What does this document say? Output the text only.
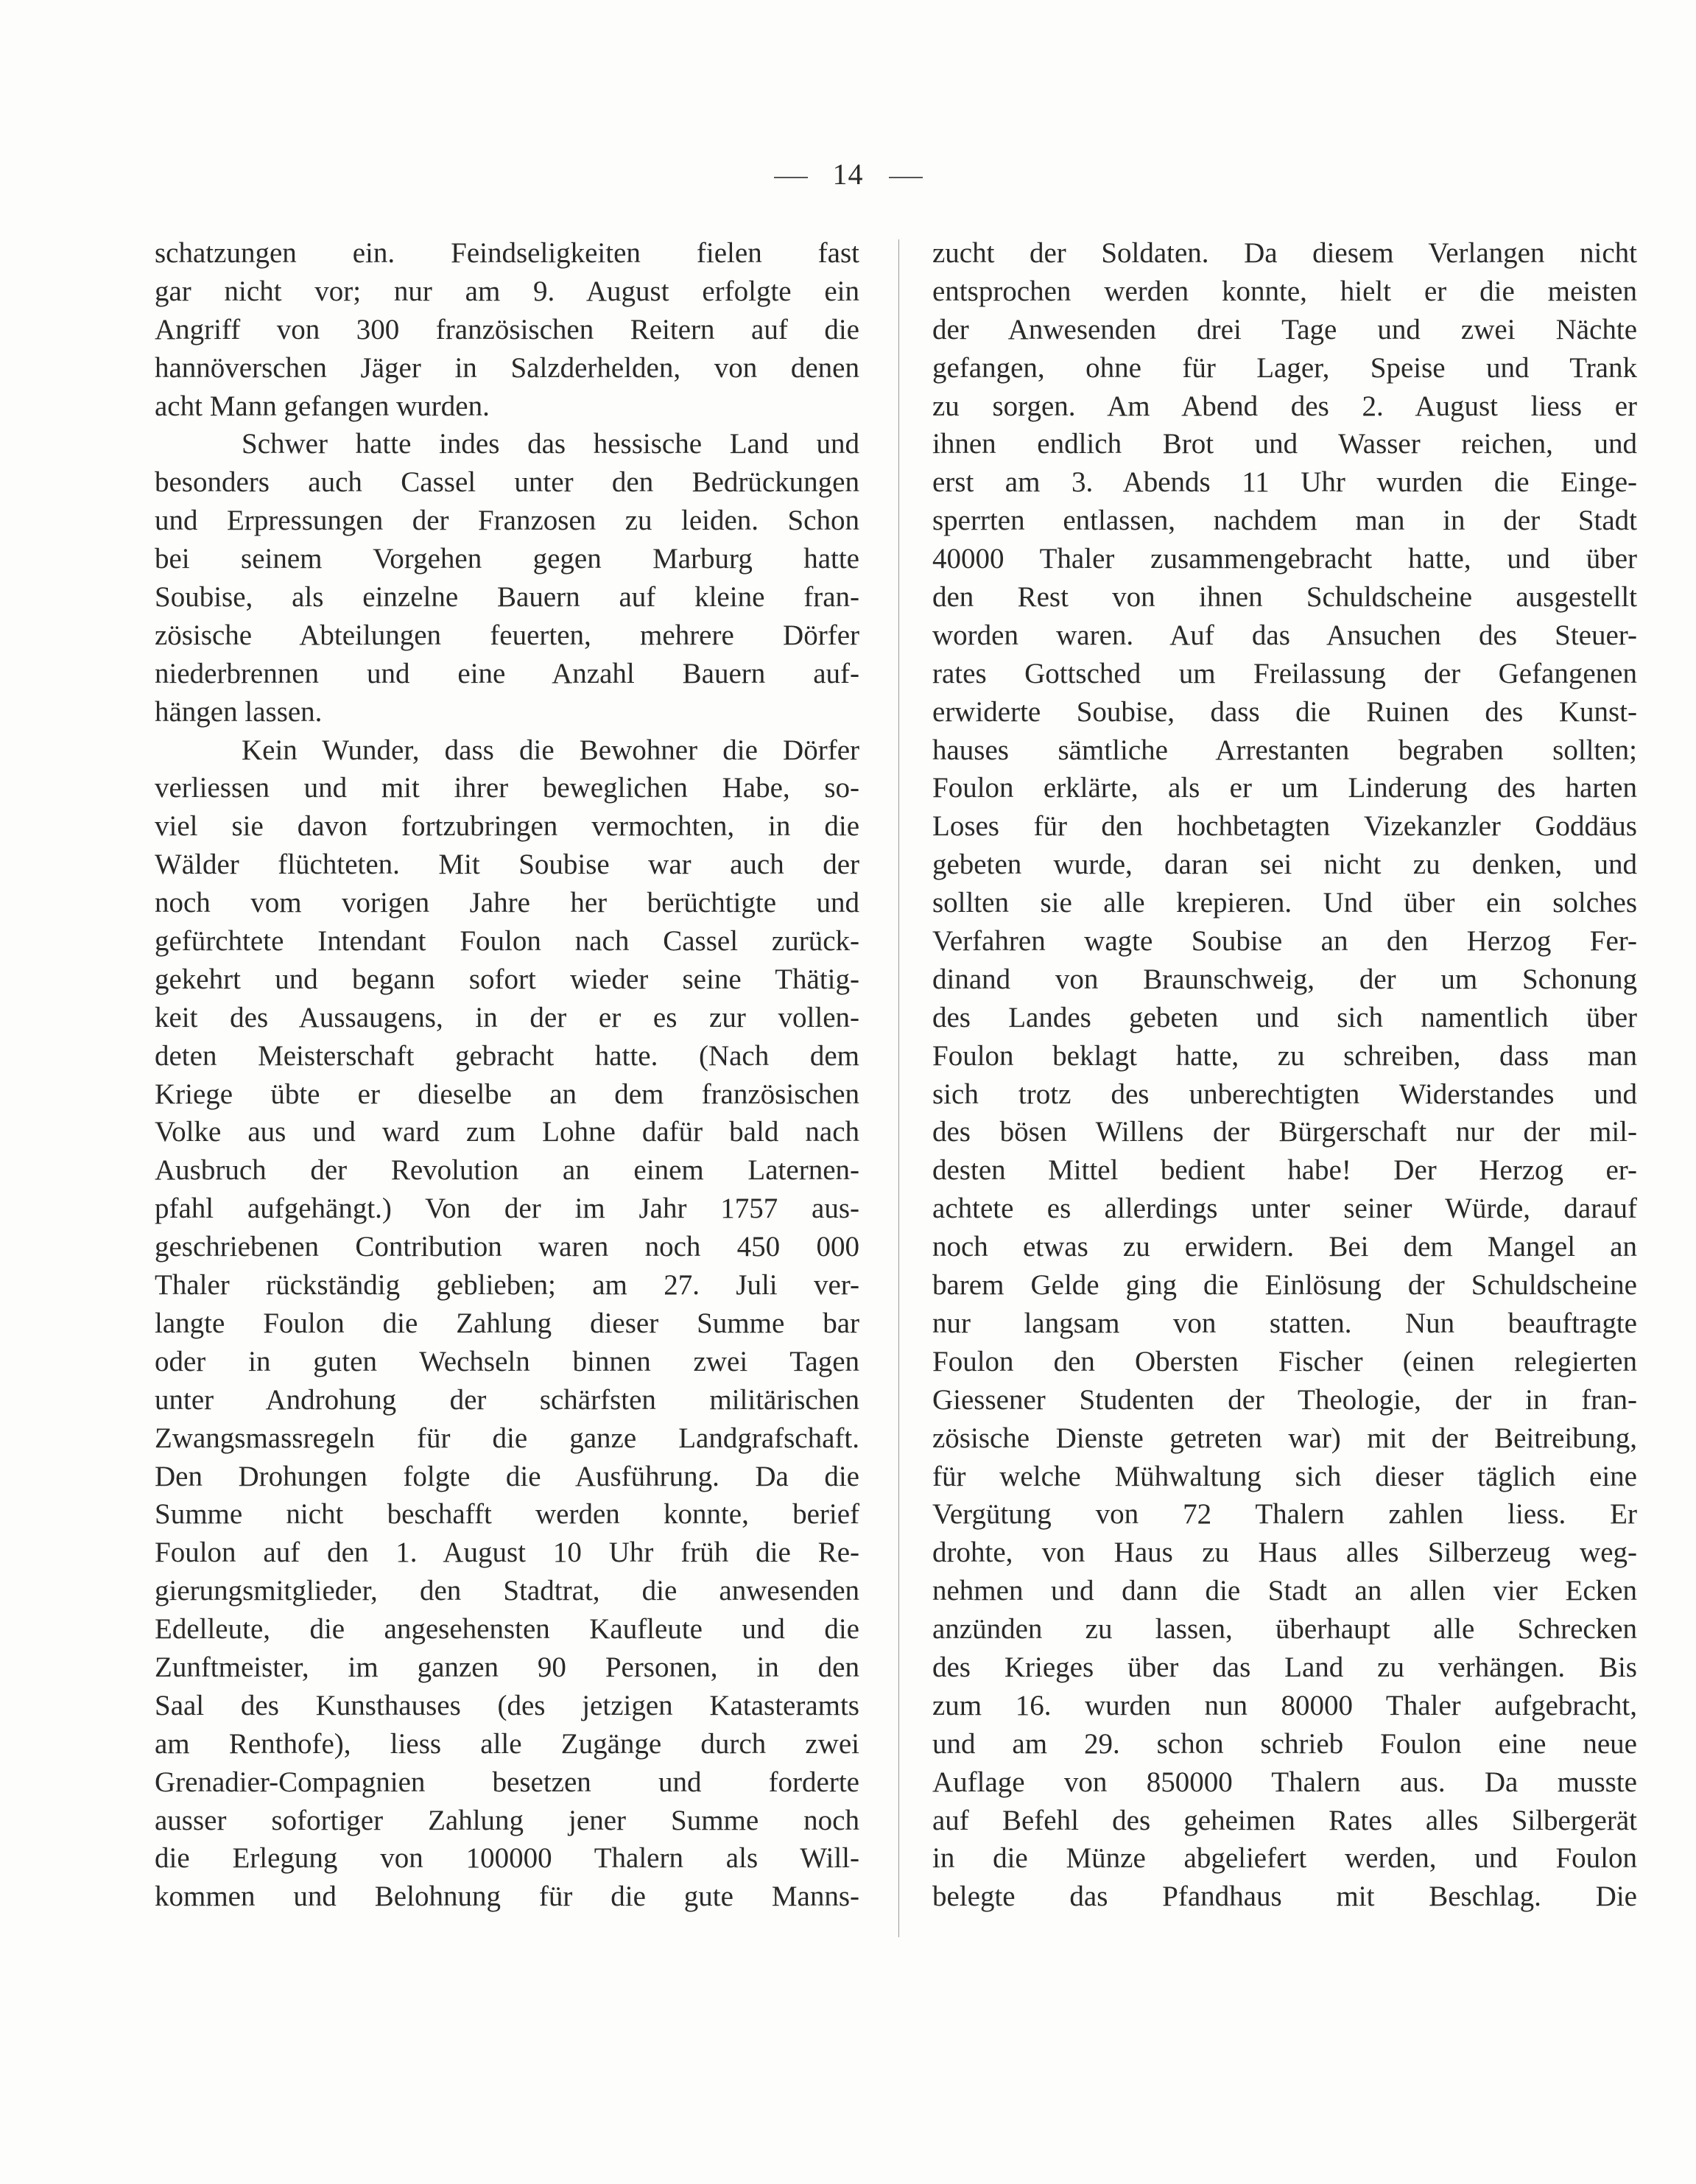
14
schatzungen ein. Feindseligkeiten fielen fast
gar nicht vor; nur am 9. August erfolgte ein
Angriff von 300 französischen Reitern auf die
hannöverschen Jäger in Salzderhelden, von denen
acht Mann gefangen wurden.
Schwer hatte indes das hessische Land und
besonders auch Cassel unter den Bedrückungen
und Erpressungen der Franzosen zu leiden. Schon
bei seinem Vorgehen gegen Marburg hatte
Soubise, als einzelne Bauern auf kleine fran-
zösische Abteilungen feuerten, mehrere Dörfer
niederbrennen und eine Anzahl Bauern auf-
hängen lassen.
Kein Wunder, dass die Bewohner die Dörfer
verliessen und mit ihrer beweglichen Habe, so-
viel sie davon fortzubringen vermochten, in die
Wälder flüchteten. Mit Soubise war auch der
noch vom vorigen Jahre her berüchtigte und
gefürchtete Intendant Foulon nach Cassel zurück-
gekehrt und begann sofort wieder seine Thätig-
keit des Aussaugens, in der er es zur vollen-
deten Meisterschaft gebracht hatte. (Nach dem
Kriege übte er dieselbe an dem französischen
Volke aus und ward zum Lohne dafür bald nach
Ausbruch der Revolution an einem Laternen-
pfahl aufgehängt.) Von der im Jahr 1757 aus-
geschriebenen Contribution waren noch 450 000
Thaler rückständig geblieben; am 27. Juli ver-
langte Foulon die Zahlung dieser Summe bar
oder in guten Wechseln binnen zwei Tagen
unter Androhung der schärfsten militärischen
Zwangsmassregeln für die ganze Landgrafschaft.
Den Drohungen folgte die Ausführung. Da die
Summe nicht beschafft werden konnte, berief
Foulon auf den 1. August 10 Uhr früh die Re-
gierungsmitglieder, den Stadtrat, die anwesenden
Edelleute, die angesehensten Kaufleute und die
Zunftmeister, im ganzen 90 Personen, in den
Saal des Kunsthauses (des jetzigen Katasteramts
am Renthofe), liess alle Zugänge durch zwei
Grenadier-Compagnien besetzen und forderte
ausser sofortiger Zahlung jener Summe noch
die Erlegung von 100000 Thalern als Will-
kommen und Belohnung für die gute Manns-
zucht der Soldaten. Da diesem Verlangen nicht
entsprochen werden konnte, hielt er die meisten
der Anwesenden drei Tage und zwei Nächte
gefangen, ohne für Lager, Speise und Trank
zu sorgen. Am Abend des 2. August liess er
ihnen endlich Brot und Wasser reichen, und
erst am 3. Abends 11 Uhr wurden die Einge-
sperrten entlassen, nachdem man in der Stadt
40000 Thaler zusammengebracht hatte, und über
den Rest von ihnen Schuldscheine ausgestellt
worden waren. Auf das Ansuchen des Steuer-
rates Gottsched um Freilassung der Gefangenen
erwiderte Soubise, dass die Ruinen des Kunst-
hauses sämtliche Arrestanten begraben sollten;
Foulon erklärte, als er um Linderung des harten
Loses für den hochbetagten Vizekanzler Goddäus
gebeten wurde, daran sei nicht zu denken, und
sollten sie alle krepieren. Und über ein solches
Verfahren wagte Soubise an den Herzog Fer-
dinand von Braunschweig, der um Schonung
des Landes gebeten und sich namentlich über
Foulon beklagt hatte, zu schreiben, dass man
sich trotz des unberechtigten Widerstandes und
des bösen Willens der Bürgerschaft nur der mil-
desten Mittel bedient habe! Der Herzog er-
achtete es allerdings unter seiner Würde, darauf
noch etwas zu erwidern. Bei dem Mangel an
barem Gelde ging die Einlösung der Schuldscheine
nur langsam von statten. Nun beauftragte
Foulon den Obersten Fischer (einen relegierten
Giessener Studenten der Theologie, der in fran-
zösische Dienste getreten war) mit der Beitreibung,
für welche Mühwaltung sich dieser täglich eine
Vergütung von 72 Thalern zahlen liess. Er
drohte, von Haus zu Haus alles Silberzeug weg-
nehmen und dann die Stadt an allen vier Ecken
anzünden zu lassen, überhaupt alle Schrecken
des Krieges über das Land zu verhängen. Bis
zum 16. wurden nun 80000 Thaler aufgebracht,
und am 29. schon schrieb Foulon eine neue
Auflage von 850000 Thalern aus. Da musste
auf Befehl des geheimen Rates alles Silbergerät
in die Münze abgeliefert werden, und Foulon
belegte das Pfandhaus mit Beschlag. Die
